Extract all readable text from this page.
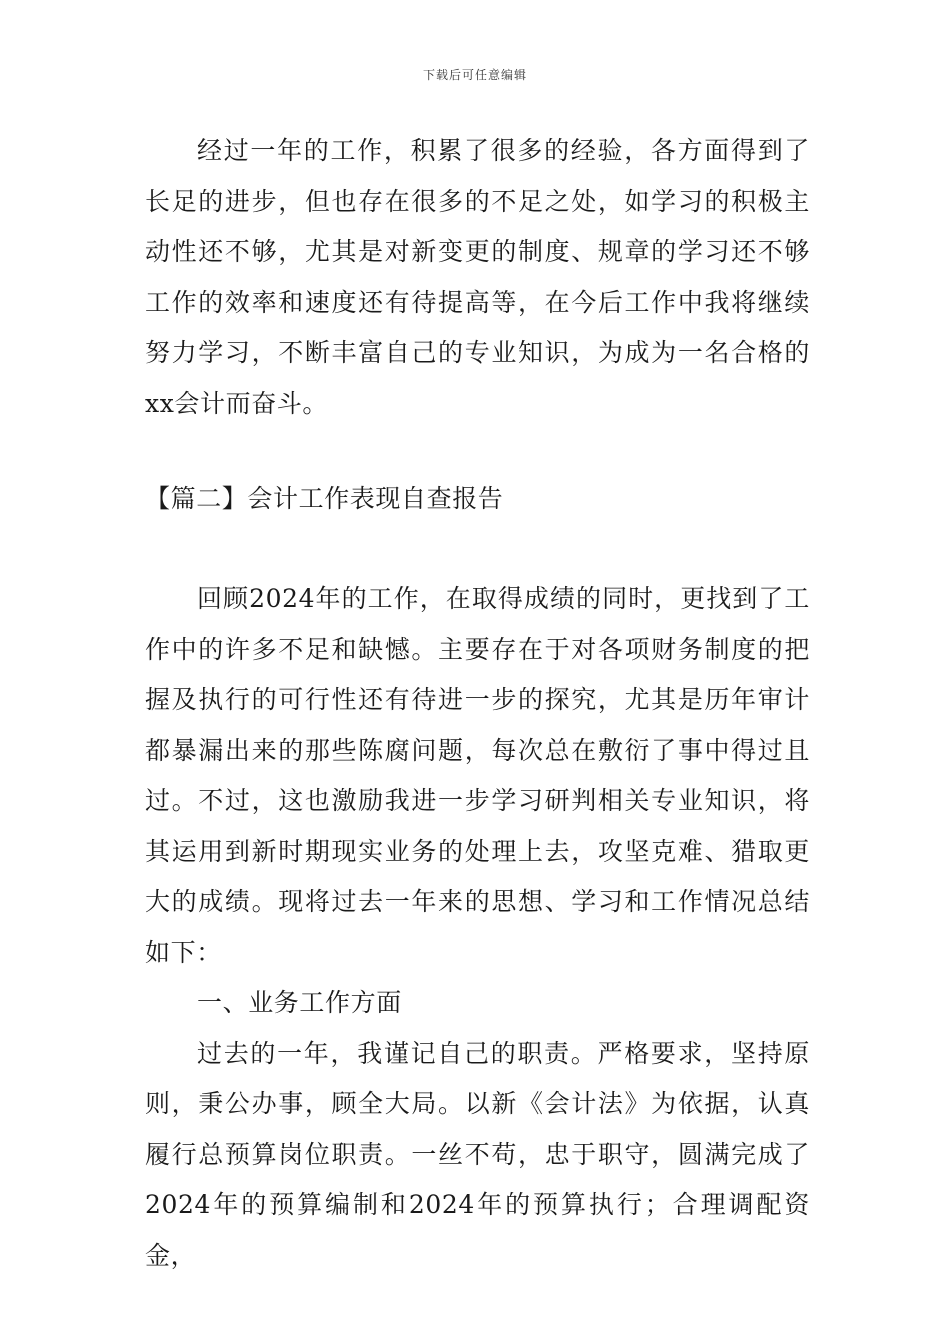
下载后可任意编辑

经过一年的工作，积累了很多的经验，各方面得到了长足的进步，但也存在很多的不足之处，如学习的积极主动性还不够，尤其是对新变更的制度、规章的学习还不够工作的效率和速度还有待提高等，在今后工作中我将继续努力学习，不断丰富自己的专业知识，为成为一名合格的xx会计而奋斗。

【篇二】会计工作表现自查报告

回顾2024年的工作，在取得成绩的同时，更找到了工作中的许多不足和缺憾。主要存在于对各项财务制度的把握及执行的可行性还有待进一步的探究，尤其是历年审计都暴漏出来的那些陈腐问题，每次总在敷衍了事中得过且过。不过，这也激励我进一步学习研判相关专业知识，将其运用到新时期现实业务的处理上去，攻坚克难、猎取更大的成绩。现将过去一年来的思想、学习和工作情况总结如下：

一、业务工作方面

过去的一年，我谨记自己的职责。严格要求，坚持原则，秉公办事，顾全大局。以新《会计法》为依据，认真履行总预算岗位职责。一丝不苟，忠于职守，圆满完成了2024年的预算编制和2024年的预算执行；合理调配资金，
